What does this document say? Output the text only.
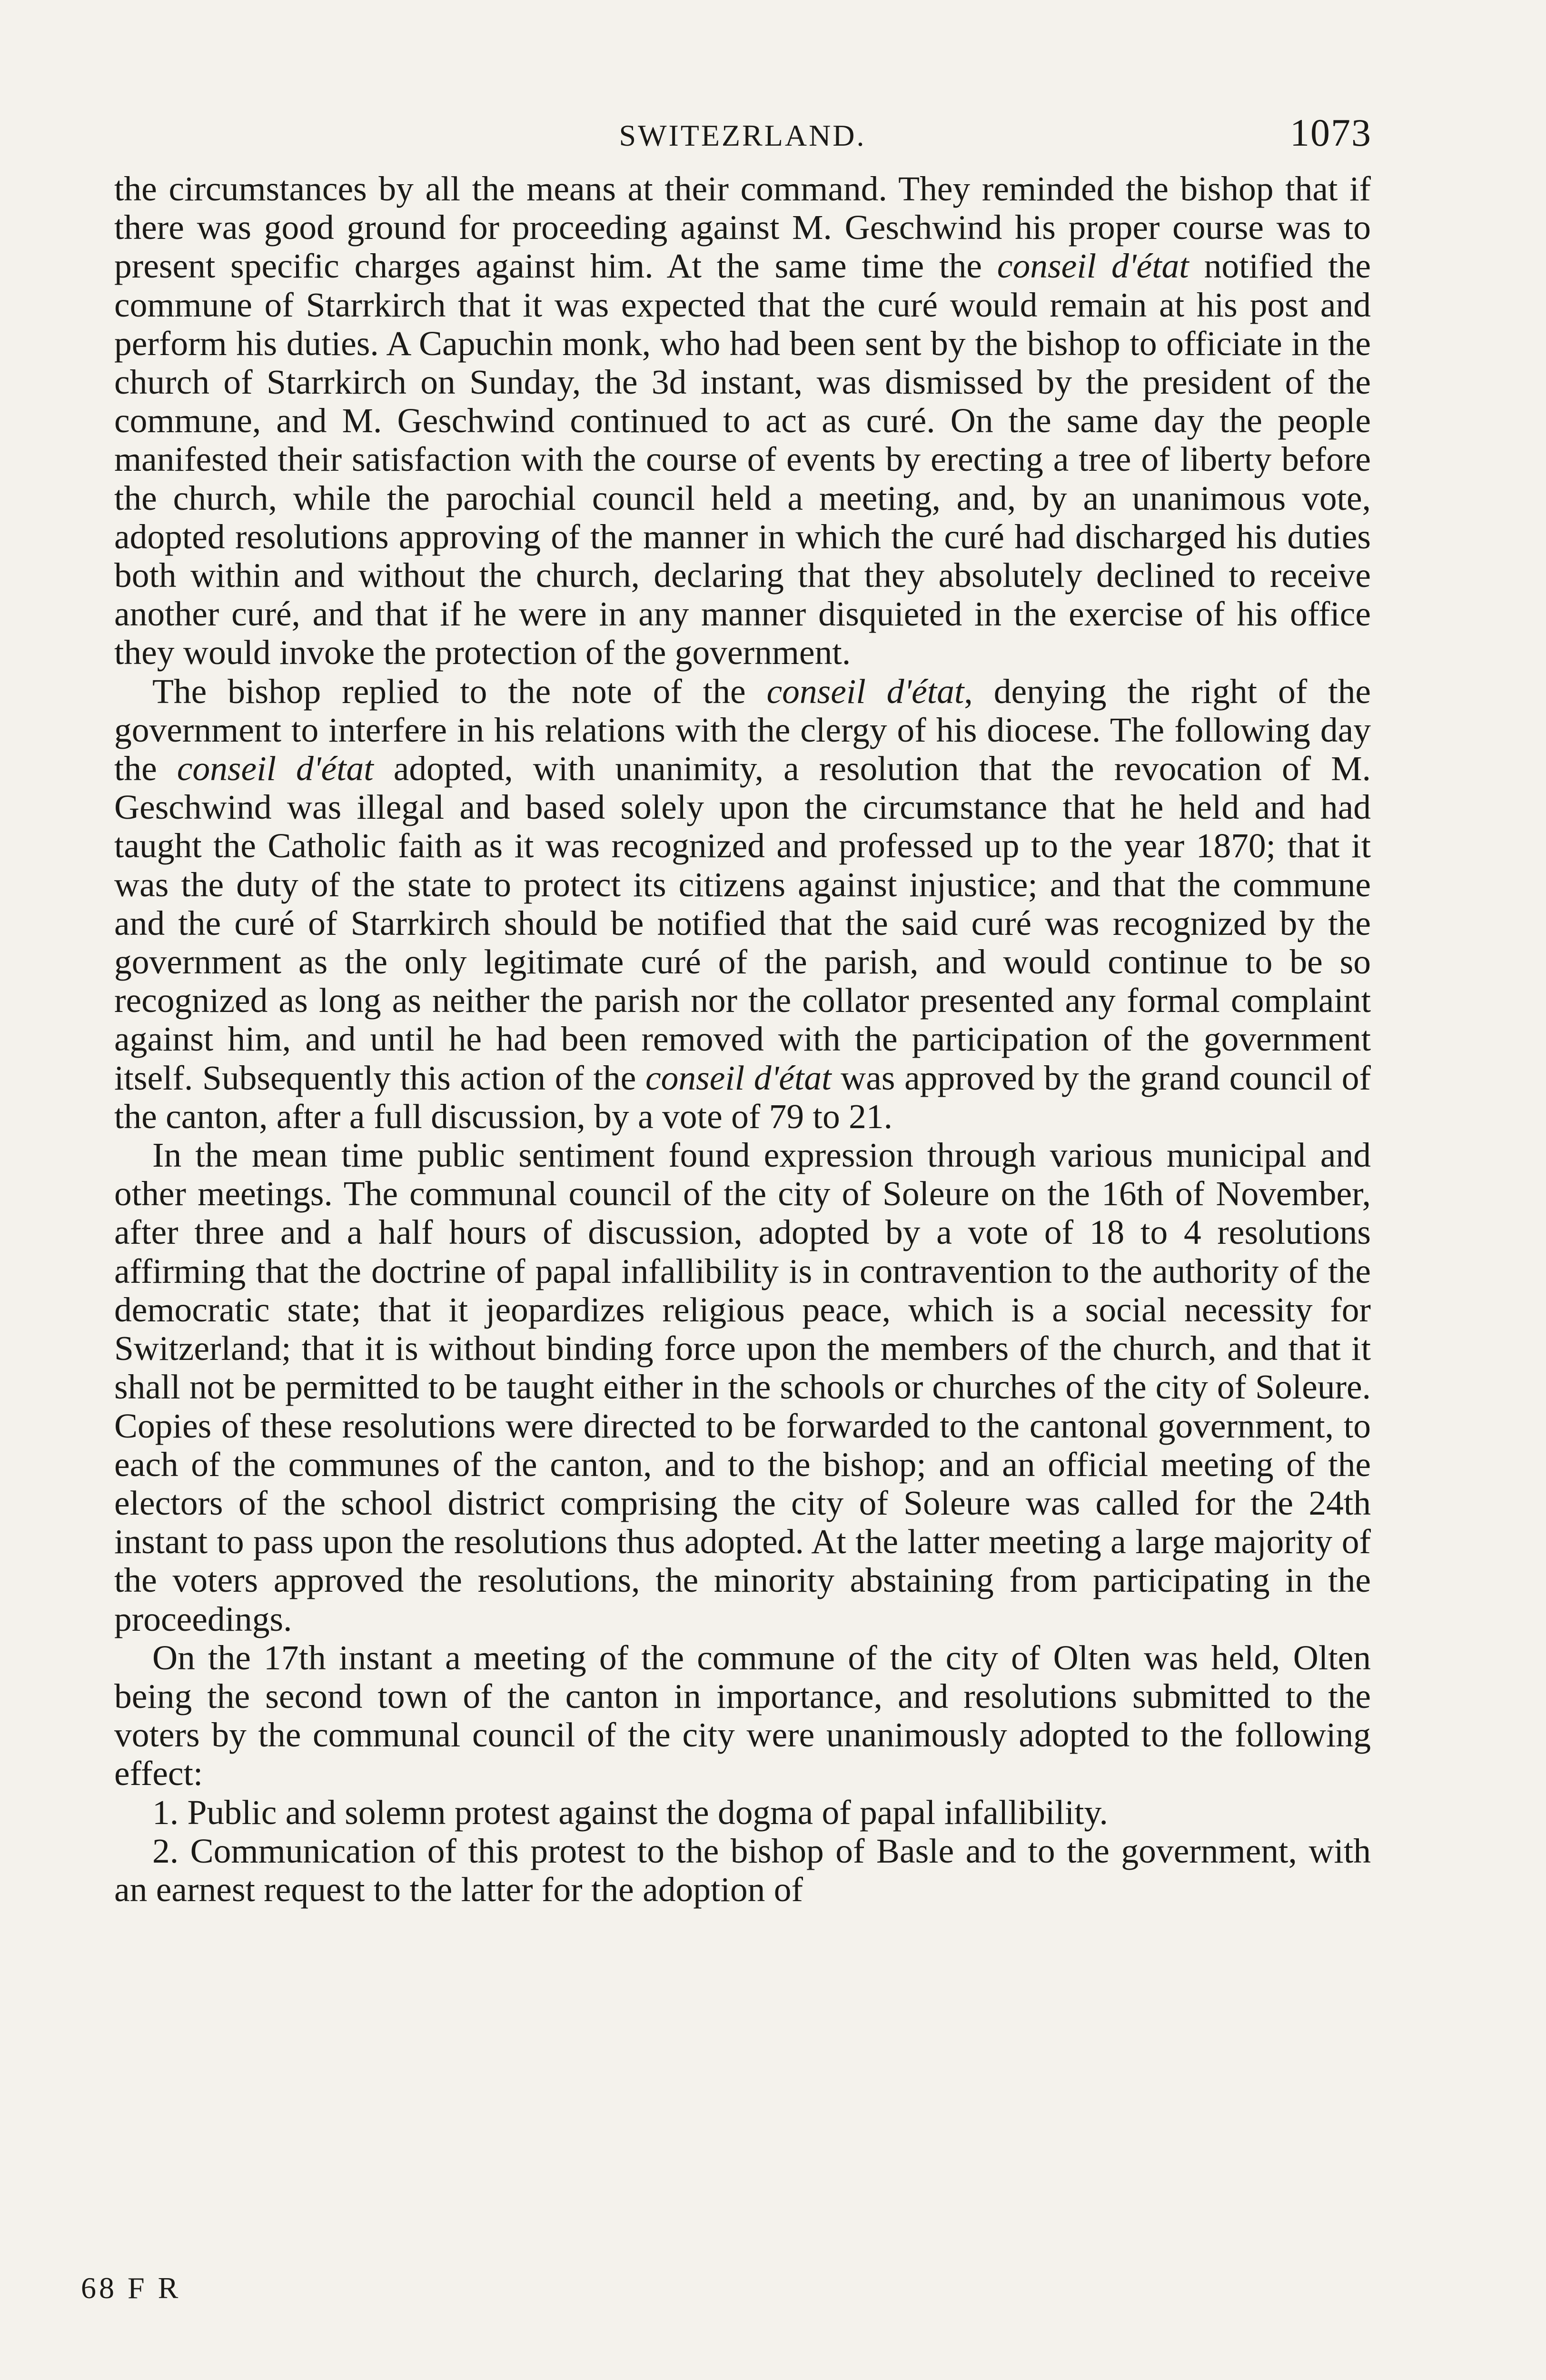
SWITEZRLAND.	1073

the circumstances by all the means at their command. They reminded the bishop that if there was good ground for proceeding against M. Geschwind his proper course was to present specific charges against him. At the same time the conseil d'état notified the commune of Starrkirch that it was expected that the curé would remain at his post and perform his duties. A Capuchin monk, who had been sent by the bishop to officiate in the church of Starrkirch on Sunday, the 3d instant, was dismissed by the president of the commune, and M. Geschwind continued to act as curé. On the same day the people manifested their satisfaction with the course of events by erecting a tree of liberty before the church, while the parochial council held a meeting, and, by an unanimous vote, adopted resolutions approving of the manner in which the curé had discharged his duties both within and without the church, declaring that they absolutely declined to receive another curé, and that if he were in any manner disquieted in the exercise of his office they would invoke the protection of the government.

The bishop replied to the note of the conseil d'état, denying the right of the government to interfere in his relations with the clergy of his diocese. The following day the conseil d'état adopted, with unanimity, a resolution that the revocation of M. Geschwind was illegal and based solely upon the circumstance that he held and had taught the Catholic faith as it was recognized and professed up to the year 1870; that it was the duty of the state to protect its citizens against injustice; and that the commune and the curé of Starrkirch should be notified that the said curé was recognized by the government as the only legitimate curé of the parish, and would continue to be so recognized as long as neither the parish nor the collator presented any formal complaint against him, and until he had been removed with the participation of the government itself. Subsequently this action of the conseil d'état was approved by the grand council of the canton, after a full discussion, by a vote of 79 to 21.

In the mean time public sentiment found expression through various municipal and other meetings. The communal council of the city of Soleure on the 16th of November, after three and a half hours of discussion, adopted by a vote of 18 to 4 resolutions affirming that the doctrine of papal infallibility is in contravention to the authority of the democratic state; that it jeopardizes religious peace, which is a social necessity for Switzerland; that it is without binding force upon the members of the church, and that it shall not be permitted to be taught either in the schools or churches of the city of Soleure. Copies of these resolutions were directed to be forwarded to the cantonal government, to each of the communes of the canton, and to the bishop; and an official meeting of the electors of the school district comprising the city of Soleure was called for the 24th instant to pass upon the resolutions thus adopted. At the latter meeting a large majority of the voters approved the resolutions, the minority abstaining from participating in the proceedings.

On the 17th instant a meeting of the commune of the city of Olten was held, Olten being the second town of the canton in importance, and resolutions submitted to the voters by the communal council of the city were unanimously adopted to the following effect:

1. Public and solemn protest against the dogma of papal infallibility.

2. Communication of this protest to the bishop of Basle and to the government, with an earnest request to the latter for the adoption of

68 F R
